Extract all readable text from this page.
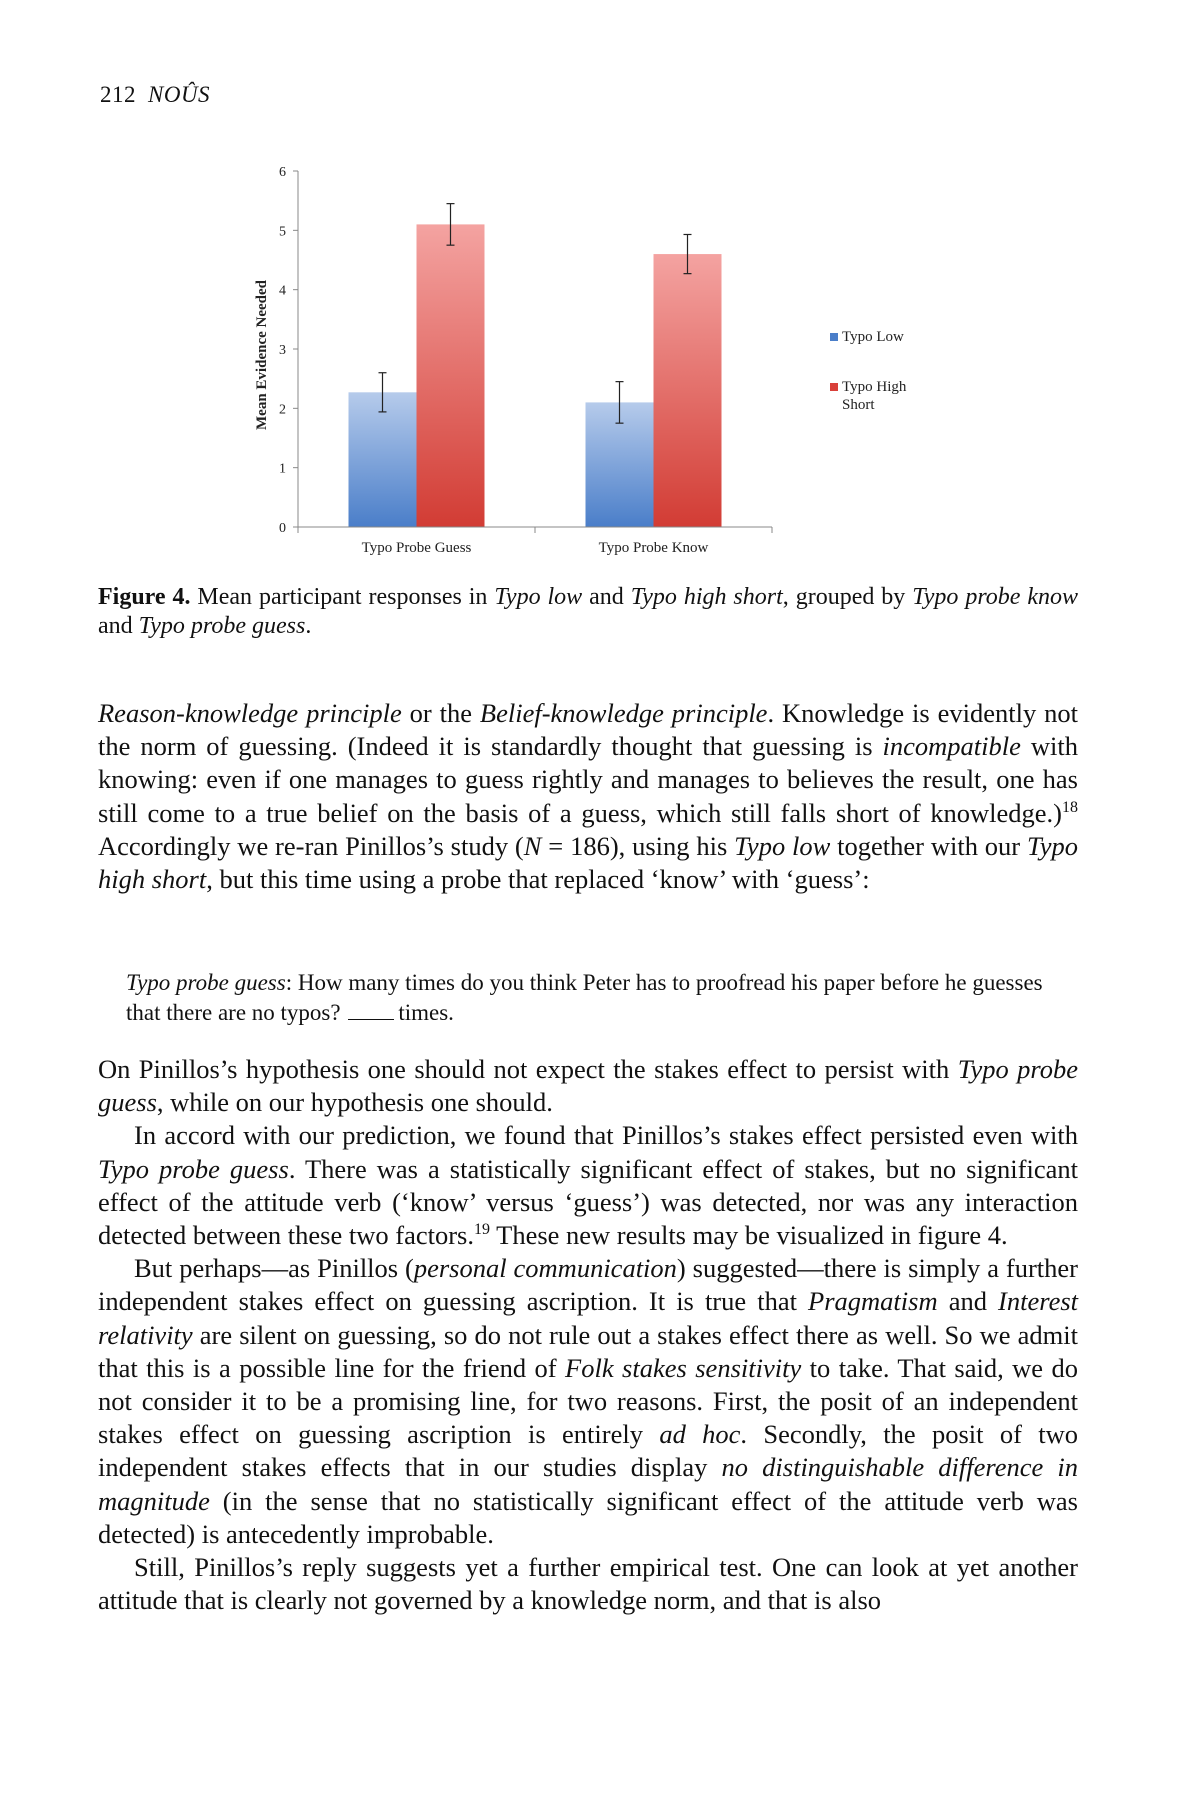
212 NOÛS
Mean Evidence Needed
0
1
2
3
4
5
6
Typo Probe Guess	Typo Probe Know
Typo Low
Typo High Short
Figure 4. Mean participant responses in Typo low and Typo high short, grouped by Typo probe know and Typo probe guess.

Reason-knowledge principle or the Belief-knowledge principle. Knowledge is evidently not the norm of guessing. (Indeed it is standardly thought that guessing is incompatible with knowing: even if one manages to guess rightly and manages to believes the result, one has still come to a true belief on the basis of a guess, which still falls short of knowledge.)$^{18}$ Accordingly we re-ran Pinillos’s study (N = 186), using his Typo low together with our Typo high short, but this time using a probe that replaced ‘know’ with ‘guess’:

Typo probe guess: How many times do you think Peter has to proofread his paper before he guesses that there are no typos?	times.

On Pinillos’s hypothesis one should not expect the stakes effect to persist with Typo probe guess, while on our hypothesis one should.

In accord with our prediction, we found that Pinillos’s stakes effect persisted even with Typo probe guess. There was a statistically significant effect of stakes, but no significant effect of the attitude verb (‘know’ versus ‘guess’) was detected, nor was any interaction detected between these two factors.$^{19}$ These new results may be visualized in figure 4.

But perhaps—as Pinillos (personal communication) suggested—there is simply a further independent stakes effect on guessing ascription. It is true that Pragmatism and Interest relativity are silent on guessing, so do not rule out a stakes effect there as well. So we admit that this is a possible line for the friend of Folk stakes sensitivity to take. That said, we do not consider it to be a promising line, for two reasons. First, the posit of an independent stakes effect on guessing ascription is entirely ad hoc. Secondly, the posit of two independent stakes effects that in our studies display no distinguishable difference in magnitude (in the sense that no statistically significant effect of the attitude verb was detected) is antecedently improbable.

Still, Pinillos’s reply suggests yet a further empirical test. One can look at yet another attitude that is clearly not governed by a knowledge norm, and that is also
